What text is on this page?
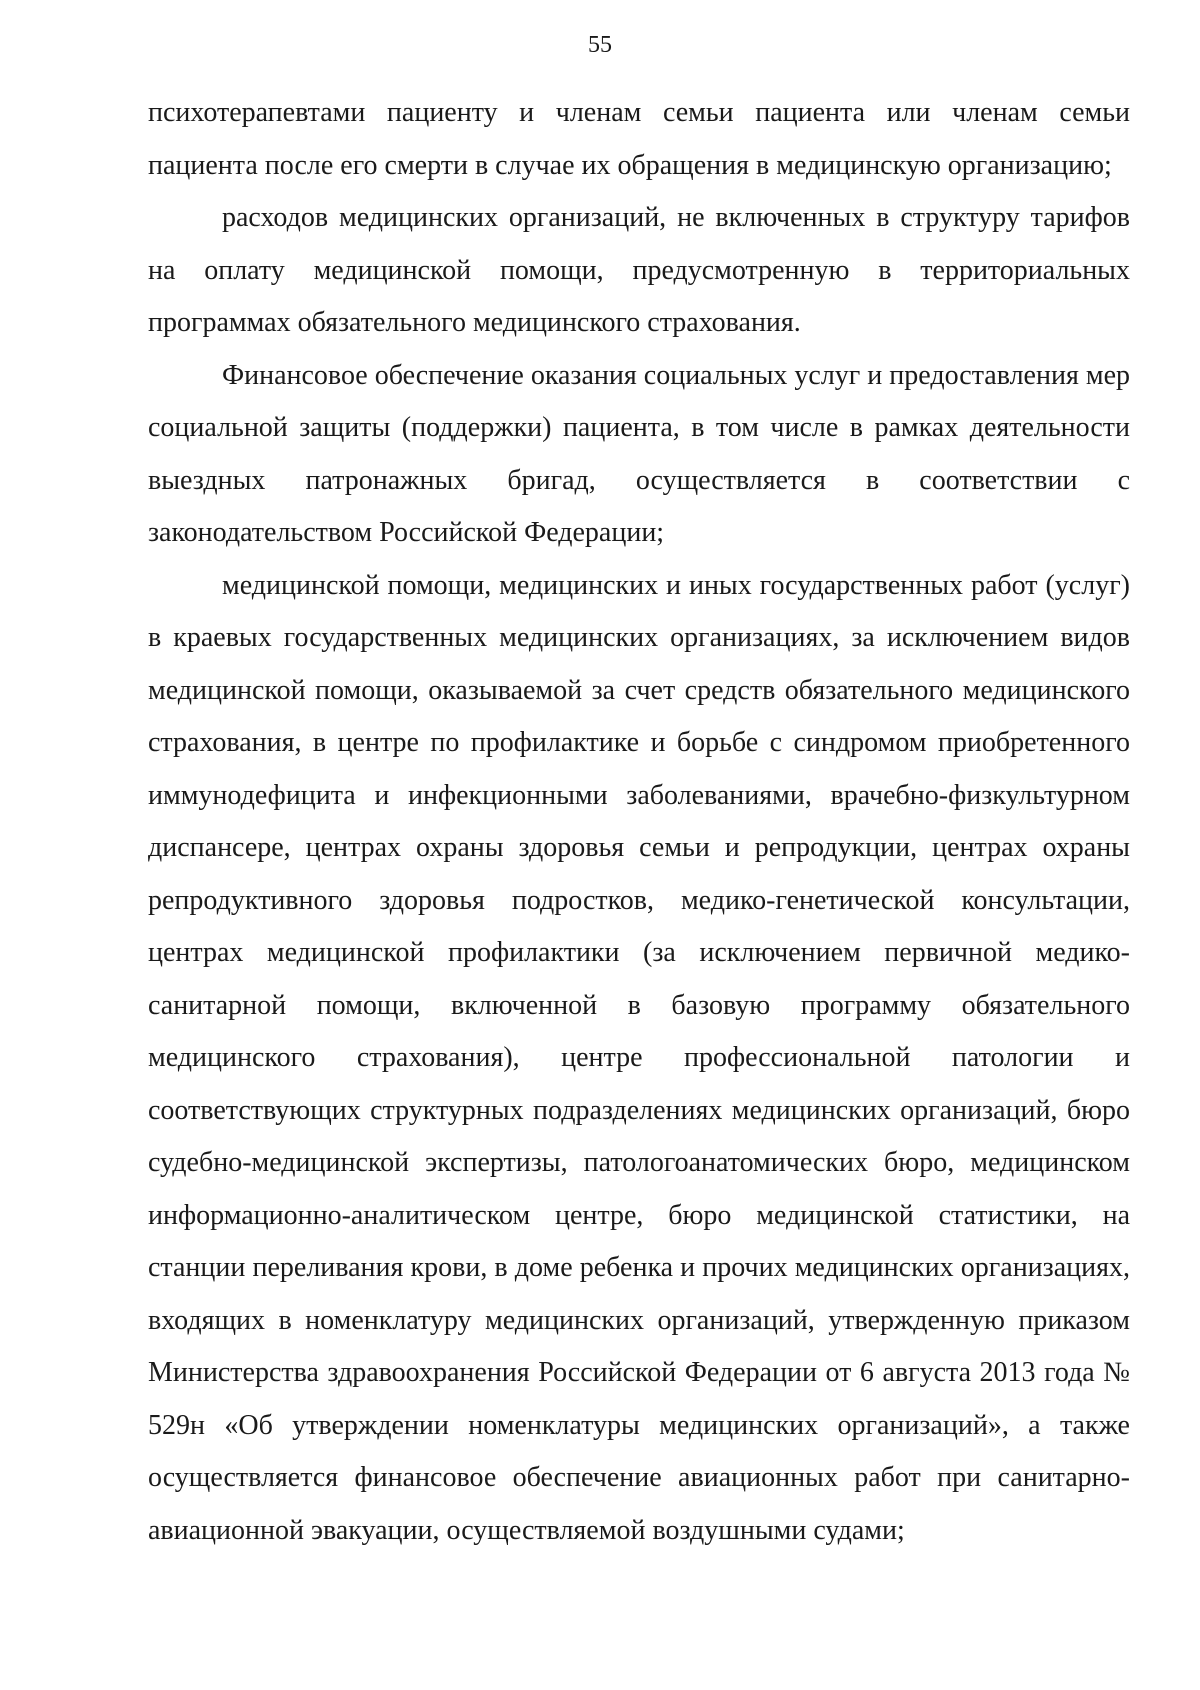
55

психотерапевтами пациенту и членам семьи пациента или членам семьи пациента после его смерти в случае их обращения в медицинскую организацию;

расходов медицинских организаций, не включенных в структуру тарифов на оплату медицинской помощи, предусмотренную в территориальных программах обязательного медицинского страхования.

Финансовое обеспечение оказания социальных услуг и предоставления мер социальной защиты (поддержки) пациента, в том числе в рамках деятельности выездных патронажных бригад, осуществляется в соответствии с законодательством Российской Федерации;

медицинской помощи, медицинских и иных государственных работ (услуг) в краевых государственных медицинских организациях, за исключением видов медицинской помощи, оказываемой за счет средств обязательного медицинского страхования, в центре по профилактике и борьбе с синдромом приобретенного иммунодефицита и инфекционными заболеваниями, врачебно-физкультурном диспансере, центрах охраны здоровья семьи и репродукции, центрах охраны репродуктивного здоровья подростков, медико-генетической консультации, центрах медицинской профилактики (за исключением первичной медико-санитарной помощи, включенной в базовую программу обязательного медицинского страхования), центре профессиональной патологии и соответствующих структурных подразделениях медицинских организаций, бюро судебно-медицинской экспертизы, патологоанатомических бюро, медицинском информационно-аналитическом центре, бюро медицинской статистики, на станции переливания крови, в доме ребенка и прочих медицинских организациях, входящих в номенклатуру медицинских организаций, утвержденную приказом Министерства здравоохранения Российской Федерации от 6 августа 2013 года № 529н «Об утверждении номенклатуры медицинских организаций», а также осуществляется финансовое обеспечение авиационных работ при санитарно-авиационной эвакуации, осуществляемой воздушными судами;
